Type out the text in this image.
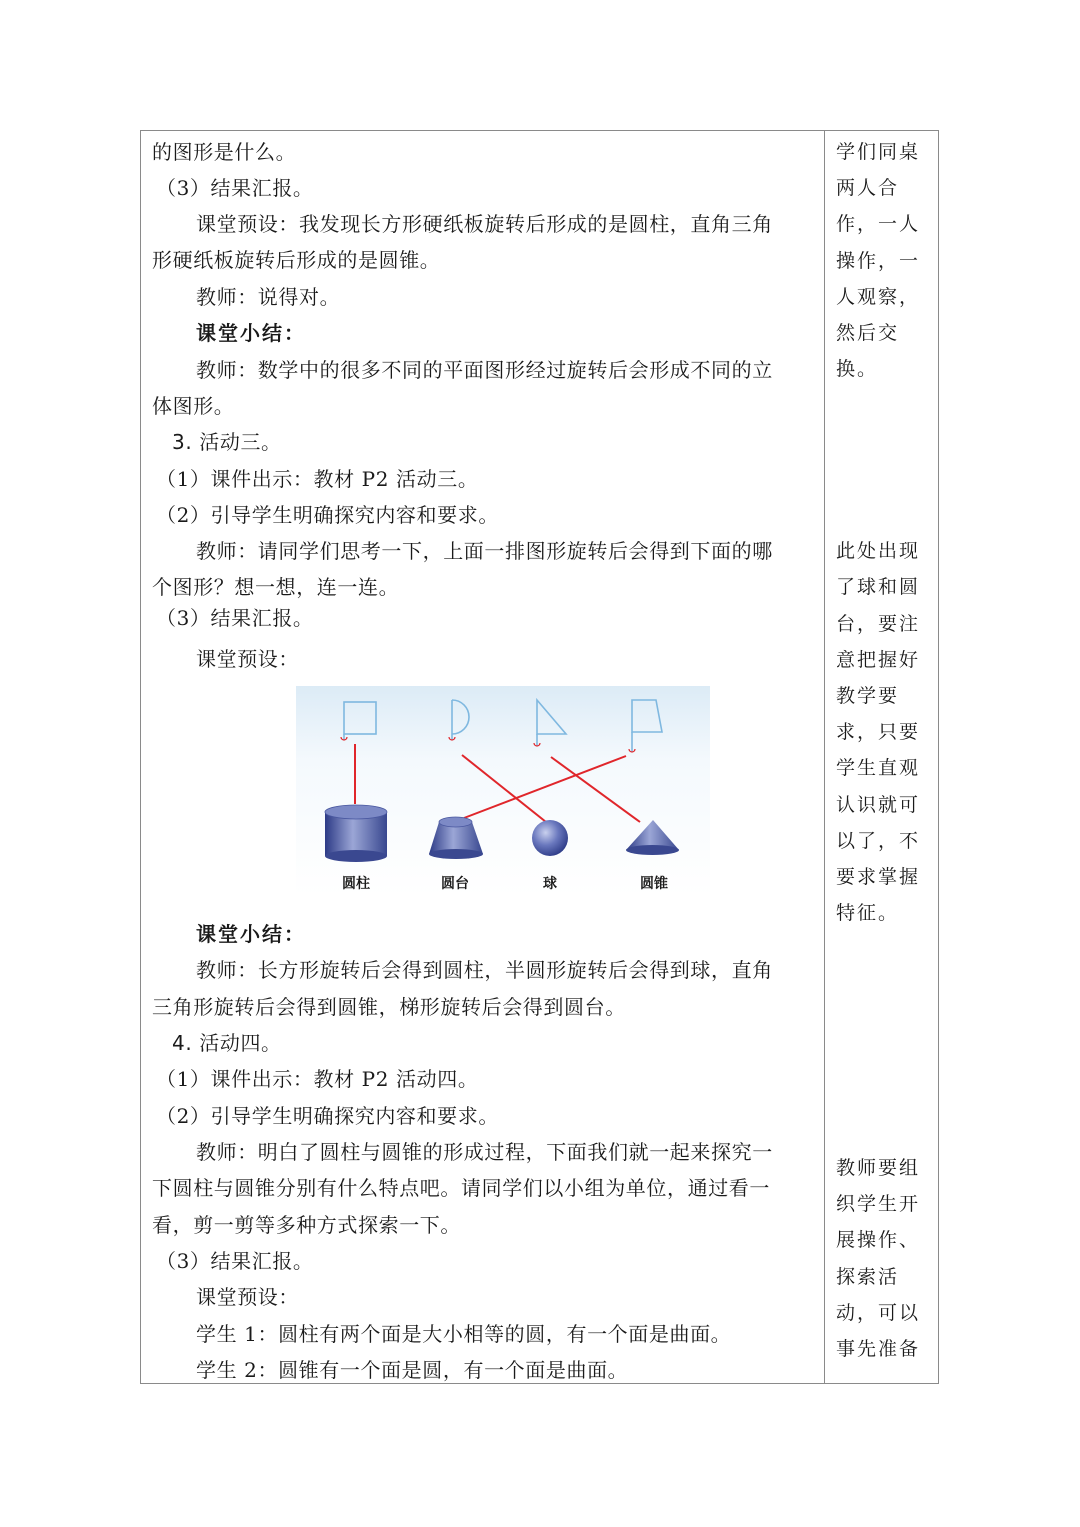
的图形是什么。
（3）结果汇报。
课堂预设：我发现长方形硬纸板旋转后形成的是圆柱，直角三角
形硬纸板旋转后形成的是圆锥。
教师：说得对。
课堂小结：
教师：数学中的很多不同的平面图形经过旋转后会形成不同的立
体图形。
3. 活动三。
（1）课件出示：教材 P2 活动三。
（2）引导学生明确探究内容和要求。
教师：请同学们思考一下，上面一排图形旋转后会得到下面的哪
个图形？想一想，连一连。
（3）结果汇报。
课堂预设：
课堂小结：
教师：长方形旋转后会得到圆柱，半圆形旋转后会得到球，直角
三角形旋转后会得到圆锥，梯形旋转后会得到圆台。
4. 活动四。
（1）课件出示：教材 P2 活动四。
（2）引导学生明确探究内容和要求。
教师：明白了圆柱与圆锥的形成过程，下面我们就一起来探究一
下圆柱与圆锥分别有什么特点吧。请同学们以小组为单位，通过看一
看，剪一剪等多种方式探索一下。
（3）结果汇报。
课堂预设：
学生 1：圆柱有两个面是大小相等的圆，有一个面是曲面。
学生 2：圆锥有一个面是圆，有一个面是曲面。
圆柱	圆台	球	圆锥
学们同桌
两人合
作，一人
操作，一
人观察，
然后交
换。
此处出现
了球和圆
台，要注
意把握好
教学要
求，只要
学生直观
认识就可
以了，不
要求掌握
特征。
教师要组
织学生开
展操作、
探索活
动，可以
事先准备
